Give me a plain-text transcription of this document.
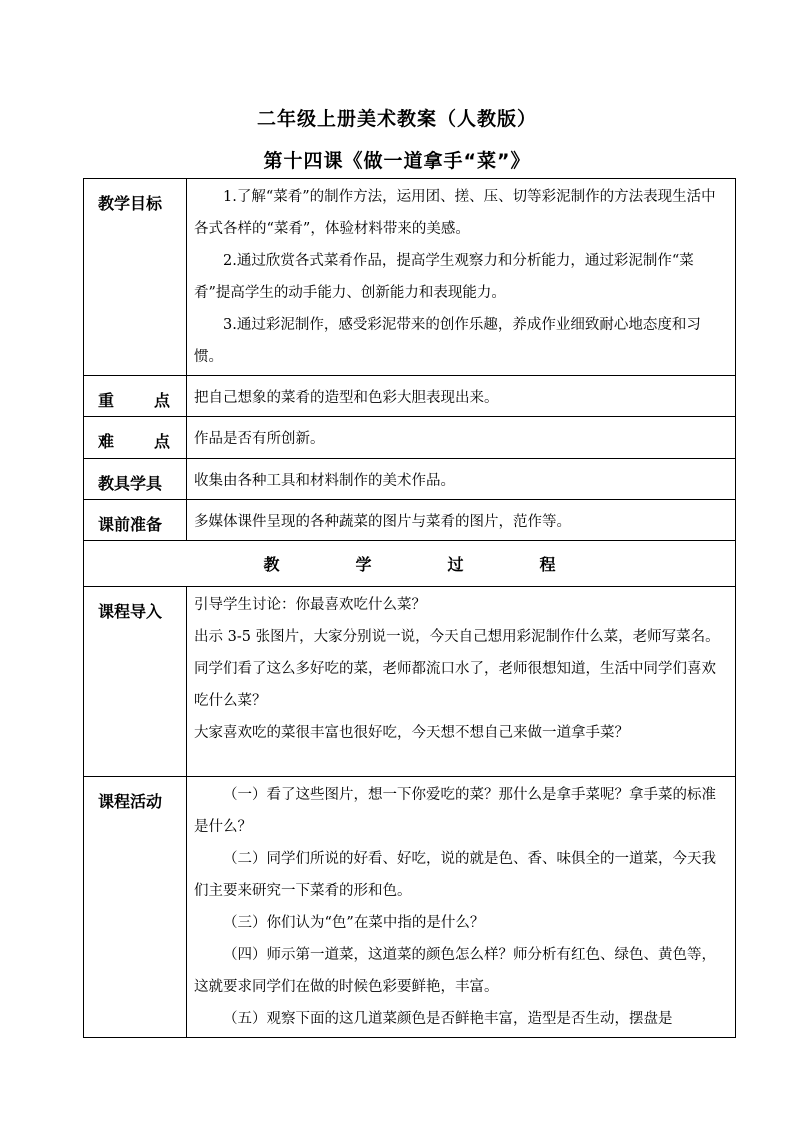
二年级上册美术教案（人教版）
第十四课《做一道拿手“菜”》
教学目标	1.了解“菜肴”的制作方法，运用团、搓、压、切等彩泥制作的方法表现生活中各式各样的“菜肴”，体验材料带来的美感。

2.通过欣赏各式菜肴作品，提高学生观察力和分析能力，通过彩泥制作“菜肴”提高学生的动手能力、创新能力和表现能力。

3.通过彩泥制作，感受彩泥带来的创作乐趣，养成作业细致耐心地态度和习惯。

重 点	把自己想象的菜肴的造型和色彩大胆表现出来。
难 点	作品是否有所创新。
教具学具	收集由各种工具和材料制作的美术作品。
课前准备	多媒体课件呈现的各种蔬菜的图片与菜肴的图片，范作等。
教 学 过 程	
课程导入	引导学生讨论：你最喜欢吃什么菜？

出示 3-5 张图片，大家分别说一说，今天自己想用彩泥制作什么菜，老师写菜名。

同学们看了这么多好吃的菜，老师都流口水了，老师很想知道，生活中同学们喜欢吃什么菜？

大家喜欢吃的菜很丰富也很好吃，今天想不想自己来做一道拿手菜？

课程活动	（一）看了这些图片，想一下你爱吃的菜？那什么是拿手菜呢？拿手菜的标准是什么？

（二）同学们所说的好看、好吃，说的就是色、香、味俱全的一道菜，今天我们主要来研究一下菜肴的形和色。

（三）你们认为“色”在菜中指的是什么？

（四）师示第一道菜，这道菜的颜色怎么样？师分析有红色、绿色、黄色等，这就要求同学们在做的时候色彩要鲜艳，丰富。

（五）观察下面的这几道菜颜色是否鲜艳丰富，造型是否生动，摆盘是
